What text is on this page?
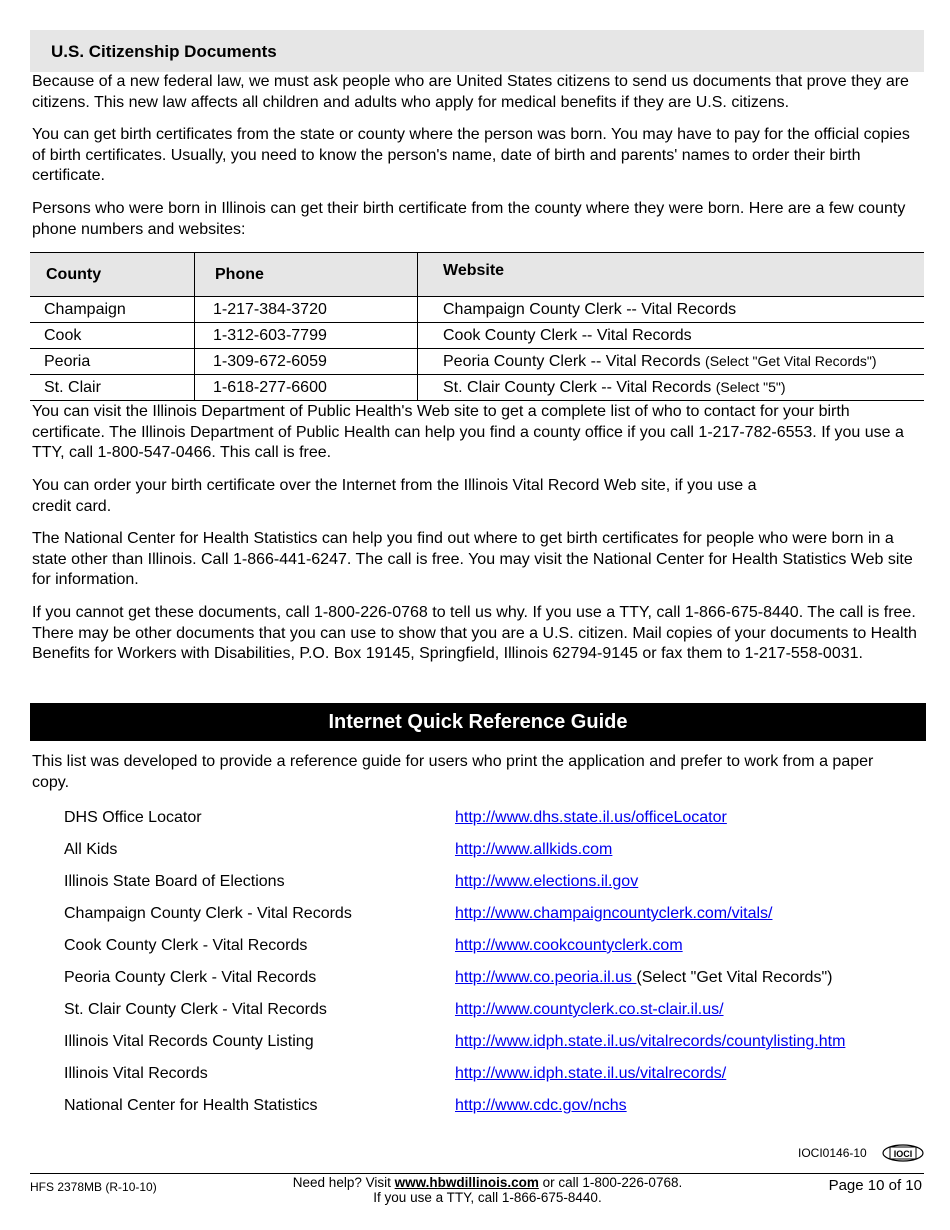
U.S. Citizenship Documents
Because of a new federal law, we must ask people who are United States citizens to send us documents that prove they are citizens. This new law affects all children and adults who apply for medical benefits if they are U.S. citizens.
You can get birth certificates from the state or county where the person was born. You may have to pay for the official copies of birth certificates. Usually, you need to know the person's name, date of birth and parents' names to order their birth certificate.
Persons who were born in Illinois can get their birth certificate from the county where they were born. Here are a few county phone numbers and websites:
County	Phone	Website
Champaign	1-217-384-3720	Champaign County Clerk -- Vital Records
Cook	1-312-603-7799	Cook County Clerk -- Vital Records
Peoria	1-309-672-6059	Peoria County Clerk -- Vital Records (Select "Get Vital Records")
St. Clair	1-618-277-6600	St. Clair County Clerk -- Vital Records (Select "5")
You can visit the Illinois Department of Public Health's Web site to get a complete list of who to contact for your birth certificate. The Illinois Department of Public Health can help you find a county office if you call 1-217-782-6553. If you use a TTY, call 1-800-547-0466. This call is free.
You can order your birth certificate over the Internet from the Illinois Vital Record Web site, if you use a credit card.
The National Center for Health Statistics can help you find out where to get birth certificates for people who were born in a state other than Illinois. Call 1-866-441-6247. The call is free. You may visit the National Center for Health Statistics Web site for information.
If you cannot get these documents, call 1-800-226-0768 to tell us why. If you use a TTY, call 1-866-675-8440. The call is free. There may be other documents that you can use to show that you are a U.S. citizen. Mail copies of your documents to Health Benefits for Workers with Disabilities, P.O. Box 19145, Springfield, Illinois 62794-9145 or fax them to 1-217-558-0031.
Internet Quick Reference Guide
This list was developed to provide a reference guide for users who print the application and prefer to work from a paper copy.
DHS Office Locator	http://www.dhs.state.il.us/officeLocator
All Kids	http://www.allkids.com
Illinois State Board of Elections	http://www.elections.il.gov
Champaign County Clerk - Vital Records	http://www.champaigncountyclerk.com/vitals/
Cook County Clerk - Vital Records	http://www.cookcountyclerk.com
Peoria County Clerk - Vital Records	http://www.co.peoria.il.us (Select "Get Vital Records")
St. Clair County Clerk - Vital Records	http://www.countyclerk.co.st-clair.il.us/
Illinois Vital Records County Listing	http://www.idph.state.il.us/vitalrecords/countylisting.htm
Illinois Vital Records	http://www.idph.state.il.us/vitalrecords/
National Center for Health Statistics	http://www.cdc.gov/nchs
IOCI0146-10	IOCI
HFS 2378MB (R-10-10)	Need help? Visit www.hbwdillinois.com or call 1-800-226-0768.
If you use a TTY, call 1-866-675-8440.
Page 10 of 10
